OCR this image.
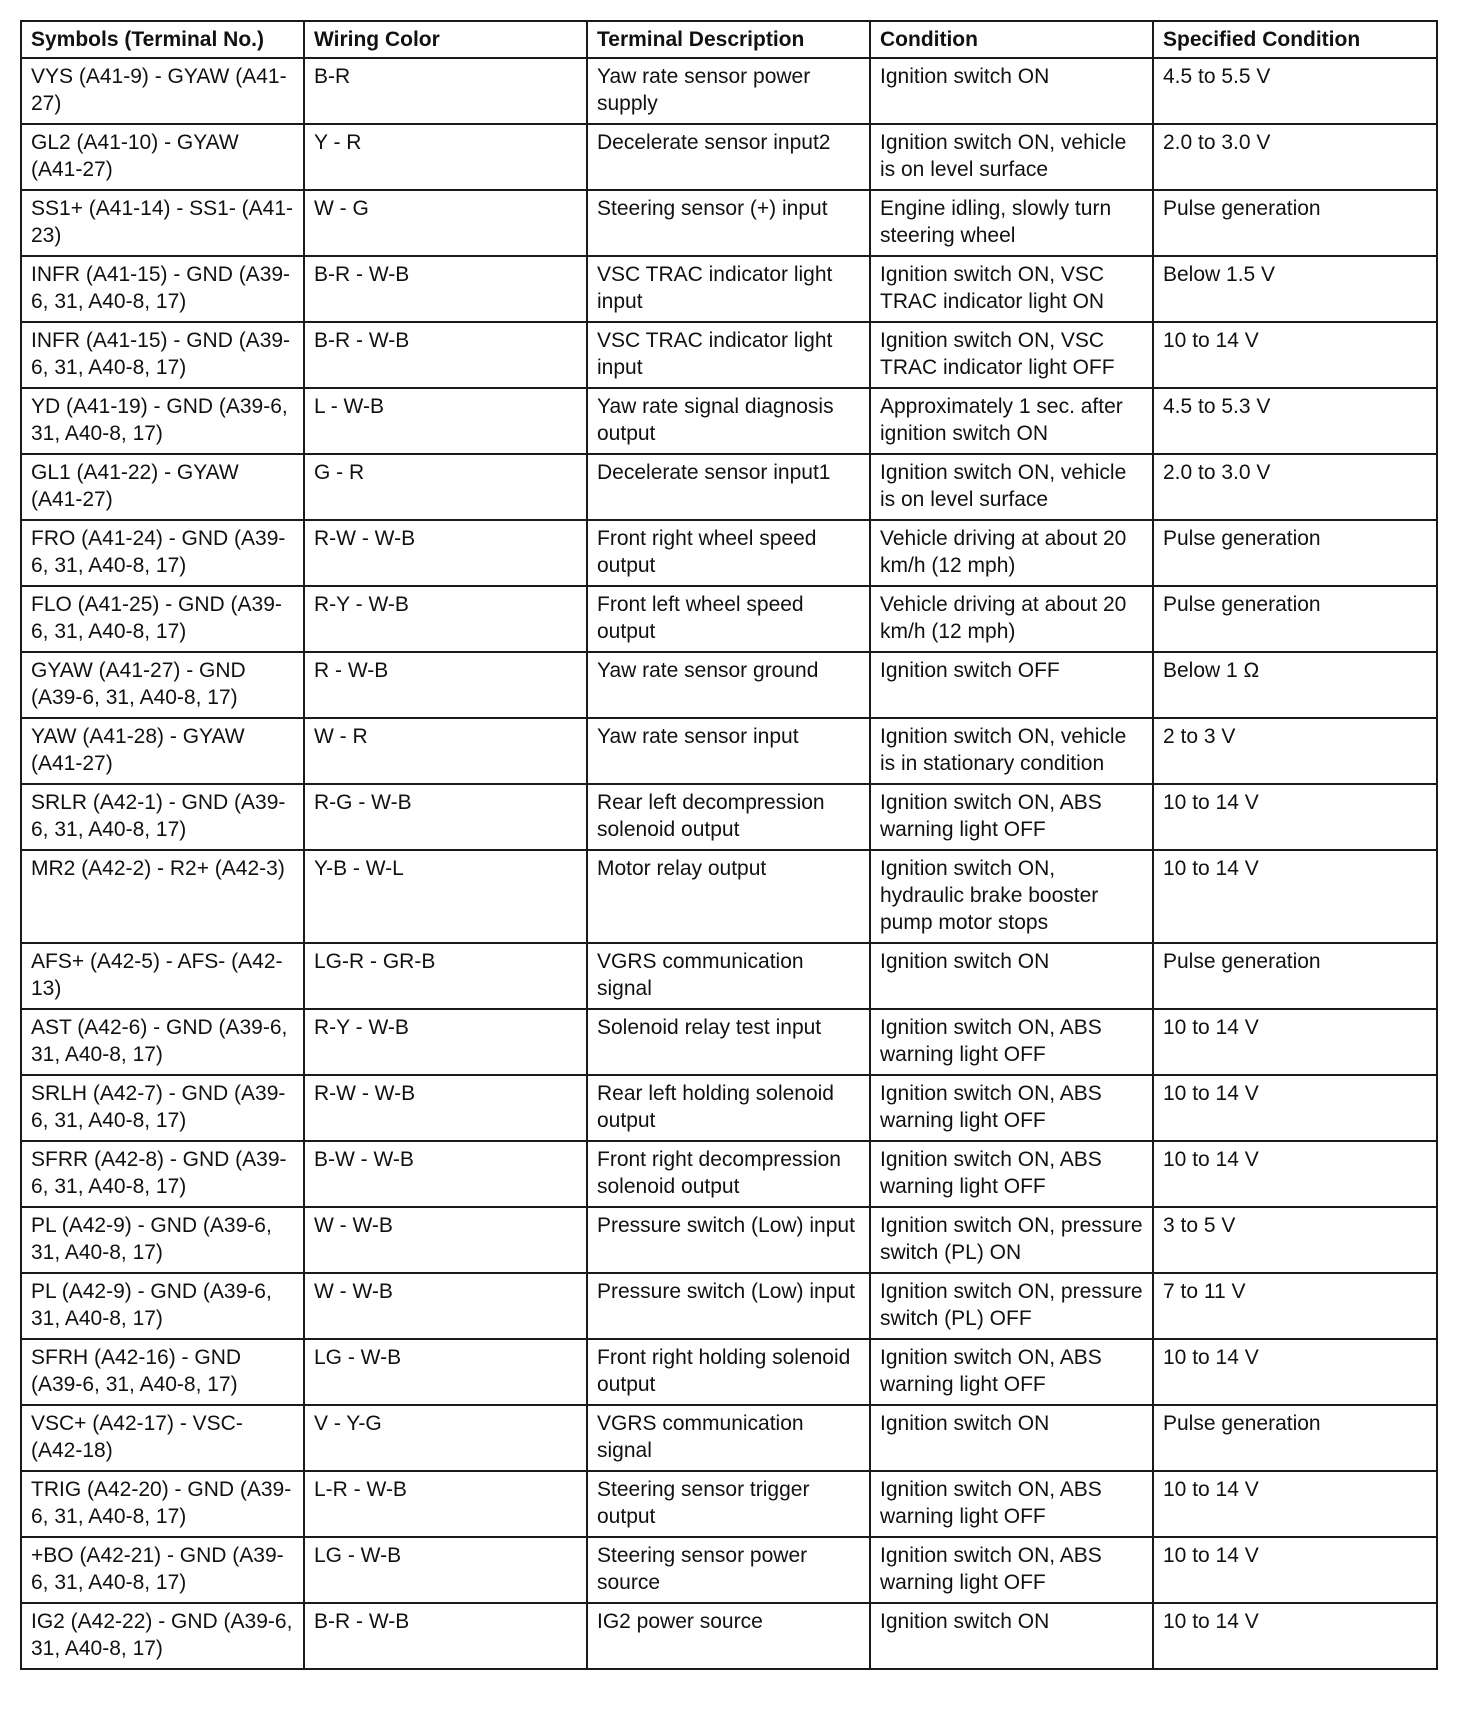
Symbols (Terminal No.)	Wiring Color	Terminal Description	Condition	Specified Condition
VYS (A41-9) - GYAW (A41-27)	B-R	Yaw rate sensor power supply	Ignition switch ON	4.5 to 5.5 V
GL2 (A41-10) - GYAW (A41-27)	Y - R	Decelerate sensor input2	Ignition switch ON, vehicle is on level surface	2.0 to 3.0 V
SS1+ (A41-14) - SS1- (A41-23)	W - G	Steering sensor (+) input	Engine idling, slowly turn steering wheel	Pulse generation
INFR (A41-15) - GND (A39-6, 31, A40-8, 17)	B-R - W-B	VSC TRAC indicator light input	Ignition switch ON, VSC TRAC indicator light ON	Below 1.5 V
INFR (A41-15) - GND (A39-6, 31, A40-8, 17)	B-R - W-B	VSC TRAC indicator light input	Ignition switch ON, VSC TRAC indicator light OFF	10 to 14 V
YD (A41-19) - GND (A39-6, 31, A40-8, 17)	L - W-B	Yaw rate signal diagnosis output	Approximately 1 sec. after ignition switch ON	4.5 to 5.3 V
GL1 (A41-22) - GYAW (A41-27)	G - R	Decelerate sensor input1	Ignition switch ON, vehicle is on level surface	2.0 to 3.0 V
FRO (A41-24) - GND (A39-6, 31, A40-8, 17)	R-W - W-B	Front right wheel speed output	Vehicle driving at about 20 km/h (12 mph)	Pulse generation
FLO (A41-25) - GND (A39-6, 31, A40-8, 17)	R-Y - W-B	Front left wheel speed output	Vehicle driving at about 20 km/h (12 mph)	Pulse generation
GYAW (A41-27) - GND (A39-6, 31, A40-8, 17)	R - W-B	Yaw rate sensor ground	Ignition switch OFF	Below 1 Ω
YAW (A41-28) - GYAW (A41-27)	W - R	Yaw rate sensor input	Ignition switch ON, vehicle is in stationary condition	2 to 3 V
SRLR (A42-1) - GND (A39-6, 31, A40-8, 17)	R-G - W-B	Rear left decompression solenoid output	Ignition switch ON, ABS warning light OFF	10 to 14 V
MR2 (A42-2) - R2+ (A42-3)	Y-B - W-L	Motor relay output	Ignition switch ON, hydraulic brake booster pump motor stops	10 to 14 V
AFS+ (A42-5) - AFS- (A42-13)	LG-R - GR-B	VGRS communication signal	Ignition switch ON	Pulse generation
AST (A42-6) - GND (A39-6, 31, A40-8, 17)	R-Y - W-B	Solenoid relay test input	Ignition switch ON, ABS warning light OFF	10 to 14 V
SRLH (A42-7) - GND (A39-6, 31, A40-8, 17)	R-W - W-B	Rear left holding solenoid output	Ignition switch ON, ABS warning light OFF	10 to 14 V
SFRR (A42-8) - GND (A39-6, 31, A40-8, 17)	B-W - W-B	Front right decompression solenoid output	Ignition switch ON, ABS warning light OFF	10 to 14 V
PL (A42-9) - GND (A39-6, 31, A40-8, 17)	W - W-B	Pressure switch (Low) input	Ignition switch ON, pressure switch (PL) ON	3 to 5 V
PL (A42-9) - GND (A39-6, 31, A40-8, 17)	W - W-B	Pressure switch (Low) input	Ignition switch ON, pressure switch (PL) OFF	7 to 11 V
SFRH (A42-16) - GND (A39-6, 31, A40-8, 17)	LG - W-B	Front right holding solenoid output	Ignition switch ON, ABS warning light OFF	10 to 14 V
VSC+ (A42-17) - VSC- (A42-18)	V - Y-G	VGRS communication signal	Ignition switch ON	Pulse generation
TRIG (A42-20) - GND (A39-6, 31, A40-8, 17)	L-R - W-B	Steering sensor trigger output	Ignition switch ON, ABS warning light OFF	10 to 14 V
+BO (A42-21) - GND (A39-6, 31, A40-8, 17)	LG - W-B	Steering sensor power source	Ignition switch ON, ABS warning light OFF	10 to 14 V
IG2 (A42-22) - GND (A39-6, 31, A40-8, 17)	B-R - W-B	IG2 power source	Ignition switch ON	10 to 14 V
